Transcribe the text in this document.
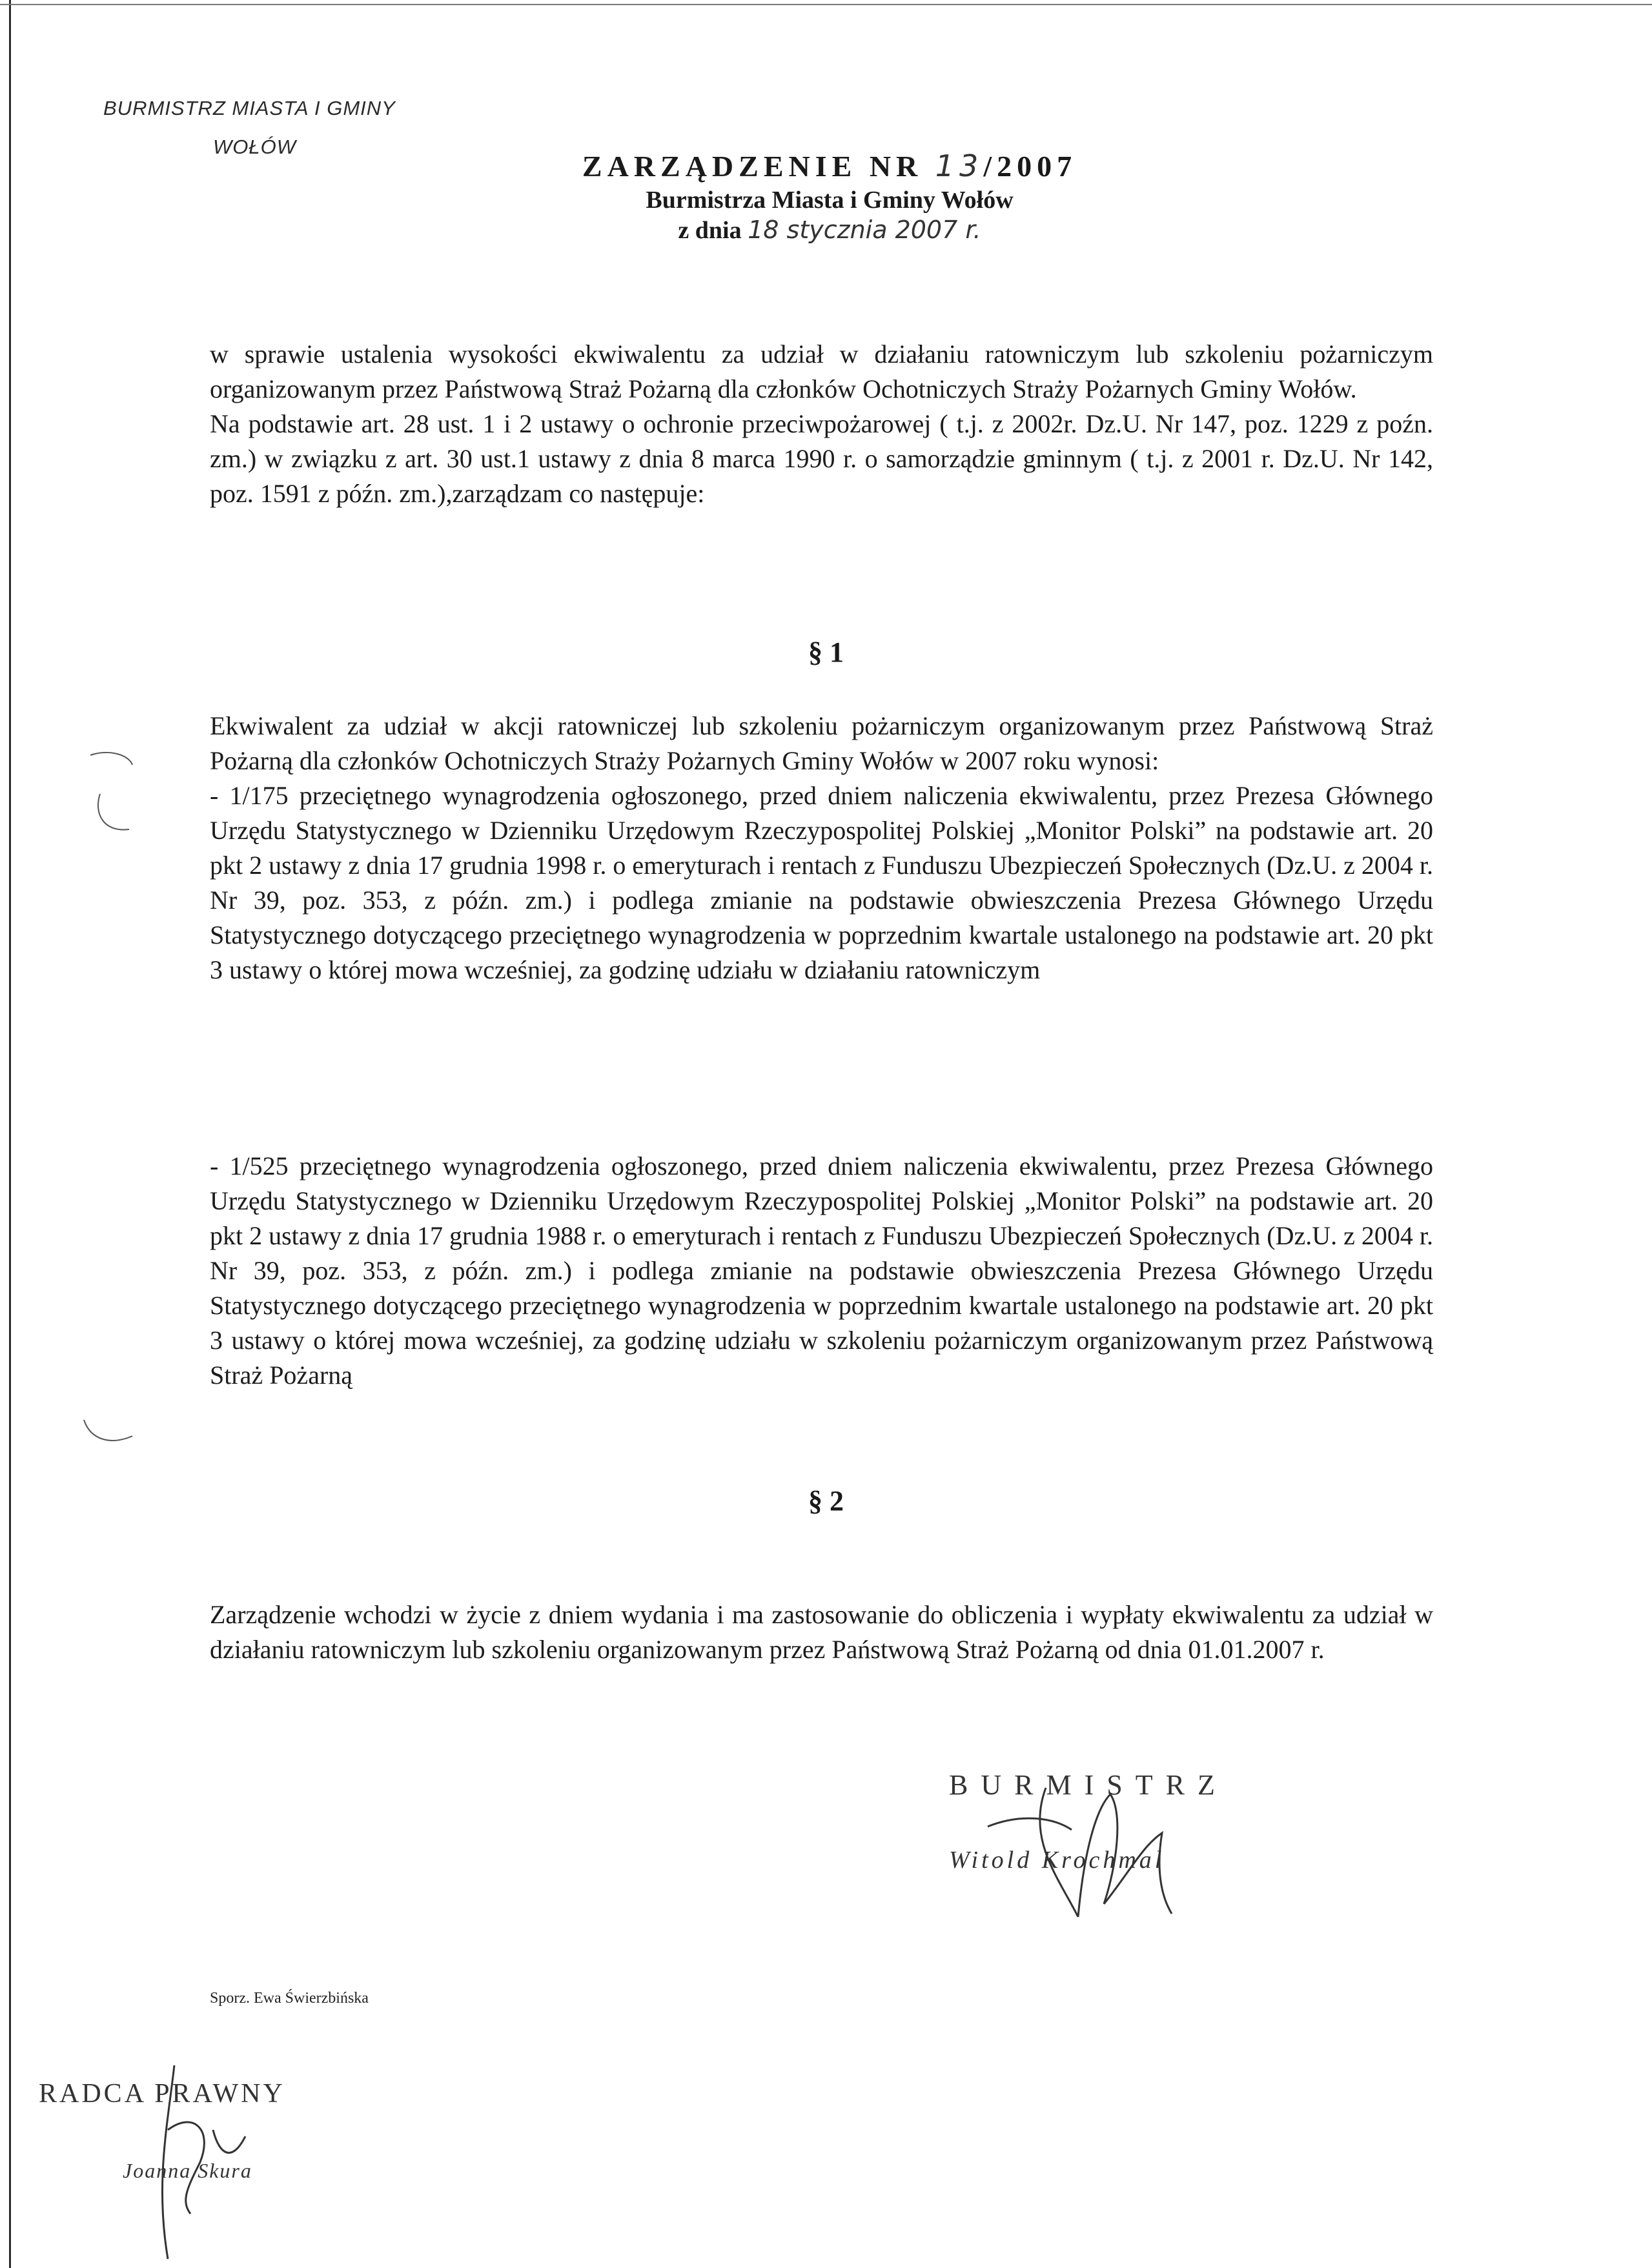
BURMISTRZ MIASTA I GMINY
WOŁÓW
ZARZĄDZENIE NR 13/2007
Burmistrza Miasta i Gminy Wołów
z dnia 18 stycznia 2007 r.

w sprawie ustalenia wysokości ekwiwalentu za udział w działaniu ratowniczym lub szkoleniu pożarniczym organizowanym przez Państwową Straż Pożarną dla członków Ochotniczych Straży Pożarnych Gminy Wołów.

Na podstawie art. 28 ust. 1 i 2 ustawy o ochronie przeciwpożarowej ( t.j. z 2002r. Dz.U. Nr 147, poz. 1229 z poźn. zm.) w związku z art. 30 ust.1 ustawy z dnia 8 marca 1990 r. o samorządzie gminnym ( t.j. z 2001 r. Dz.U. Nr 142, poz. 1591 z późn. zm.),zarządzam co następuje:

§ 1

Ekwiwalent za udział w akcji ratowniczej lub szkoleniu pożarniczym organizowanym przez Państwową Straż Pożarną dla członków Ochotniczych Straży Pożarnych Gminy Wołów w 2007 roku wynosi:

- 1/175 przeciętnego wynagrodzenia ogłoszonego, przed dniem naliczenia ekwiwalentu, przez Prezesa Głównego Urzędu Statystycznego w Dzienniku Urzędowym Rzeczypospolitej Polskiej „Monitor Polski” na podstawie art. 20 pkt 2 ustawy z dnia 17 grudnia 1998 r. o emeryturach i rentach z Funduszu Ubezpieczeń Społecznych (Dz.U. z 2004 r. Nr 39, poz. 353, z późn. zm.) i podlega zmianie na podstawie obwieszczenia Prezesa Głównego Urzędu Statystycznego dotyczącego przeciętnego wynagrodzenia w poprzednim kwartale ustalonego na podstawie art. 20 pkt 3 ustawy o której mowa wcześniej, za godzinę udziału w działaniu ratowniczym

- 1/525 przeciętnego wynagrodzenia ogłoszonego, przed dniem naliczenia ekwiwalentu, przez Prezesa Głównego Urzędu Statystycznego w Dzienniku Urzędowym Rzeczypospolitej Polskiej „Monitor Polski” na podstawie art. 20 pkt 2 ustawy z dnia 17 grudnia 1988 r. o emeryturach i rentach z Funduszu Ubezpieczeń Społecznych (Dz.U. z 2004 r. Nr 39, poz. 353, z późn. zm.) i podlega zmianie na podstawie obwieszczenia Prezesa Głównego Urzędu Statystycznego dotyczącego przeciętnego wynagrodzenia w poprzednim kwartale ustalonego na podstawie art. 20 pkt 3 ustawy o której mowa wcześniej, za godzinę udziału w szkoleniu pożarniczym organizowanym przez Państwową Straż Pożarną

§ 2

Zarządzenie wchodzi w życie z dniem wydania i ma zastosowanie do obliczenia i wypłaty ekwiwalentu za udział w działaniu ratowniczym lub szkoleniu organizowanym przez Państwową Straż Pożarną od dnia 01.01.2007 r.

BURMISTRZ
Witold Krochmal
Sporz. Ewa Świerzbińska
RADCA PRAWNY
Joanna Skura
